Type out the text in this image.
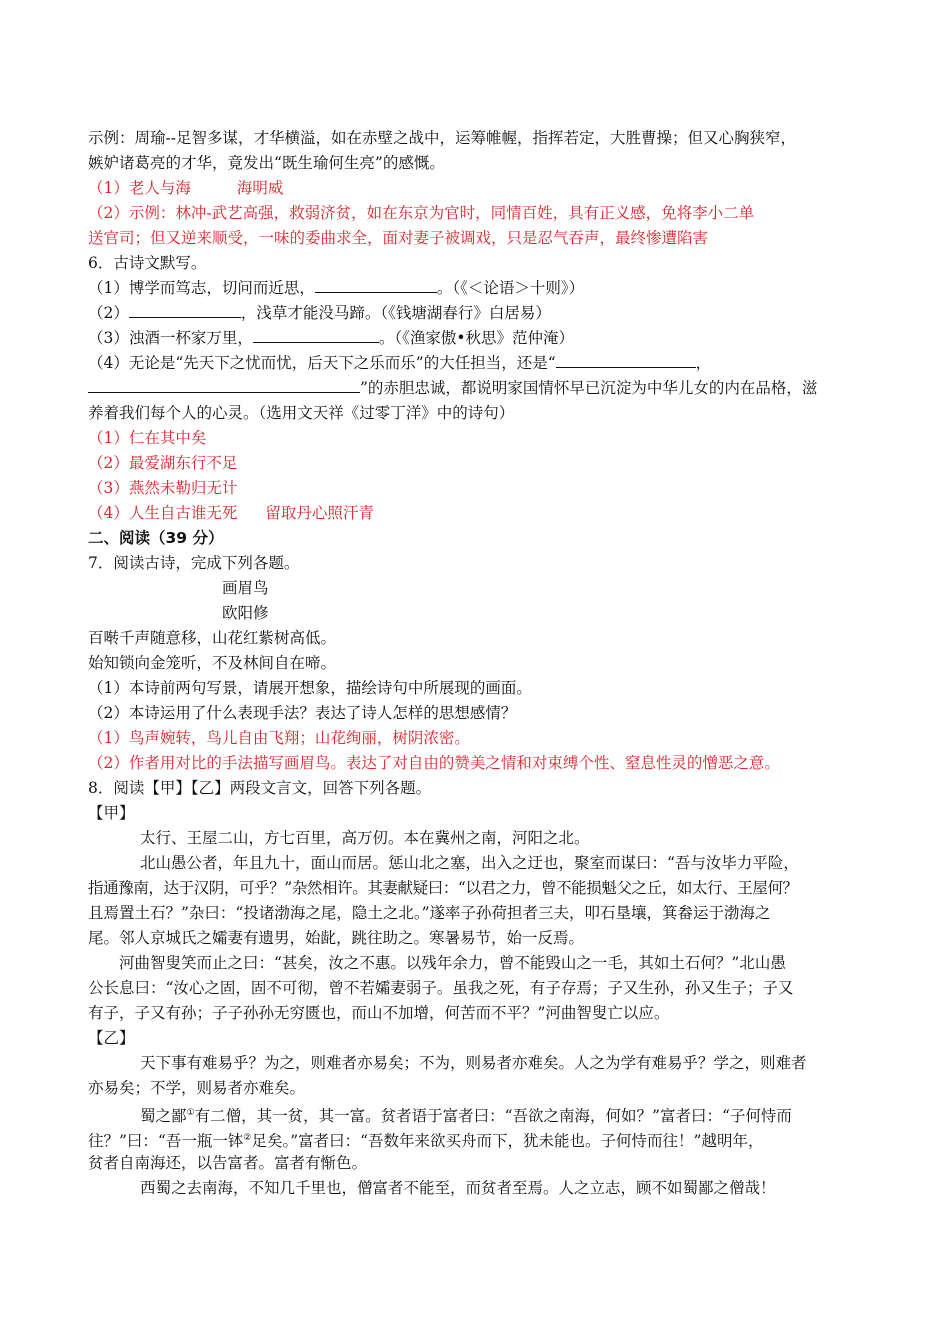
示例：周瑜--足智多谋，才华横溢，如在赤壁之战中，运筹帷幄，指挥若定，大胜曹操；但又心胸狭窄，
嫉妒诸葛亮的才华，竟发出“既生瑜何生亮”的感慨。
（1）老人与海	海明威
（2）示例：林冲-武艺高强，救弱济贫，如在东京为官时，同情百姓，具有正义感，免将李小二单
送官司；但又逆来顺受，一味的委曲求全，面对妻子被调戏，只是忍气吞声，最终惨遭陷害
6．古诗文默写。
（1）博学而笃志，切问而近思，	。（《＜论语＞十则》）
（2）	，浅草才能没马蹄。（《钱塘湖春行》白居易）
（3）浊酒一杯家万里，	。（《渔家傲•秋思》范仲淹）
（4）无论是“先天下之忧而忧，后天下之乐而乐”的大任担当，还是“	，
”的赤胆忠诚，都说明家国情怀早已沉淀为中华儿女的内在品格，滋
养着我们每个人的心灵。（选用文天祥《过零丁洋》中的诗句）
（1）仁在其中矣
（2）最爱湖东行不足
（3）燕然未勒归无计
（4）人生自古谁无死 留取丹心照汗青
二、阅读（39 分）
7．阅读古诗，完成下列各题。
画眉鸟
欧阳修
百啭千声随意移，山花红紫树高低。
始知锁向金笼听，不及林间自在啼。
（1）本诗前两句写景，请展开想象，描绘诗句中所展现的画面。
（2）本诗运用了什么表现手法？表达了诗人怎样的思想感情？
（1）鸟声婉转，鸟儿自由飞翔；山花绚丽，树阴浓密。
（2）作者用对比的手法描写画眉鸟。表达了对自由的赞美之情和对束缚个性、窒息性灵的憎恶之意。
8．阅读【甲】【乙】两段文言文，回答下列各题。
【甲】
太行、王屋二山，方七百里，高万仞。本在冀州之南，河阳之北。
北山愚公者，年且九十，面山而居。惩山北之塞，出入之迂也，聚室而谋曰：“吾与汝毕力平险，
指通豫南，达于汉阴，可乎？”杂然相许。其妻献疑曰：“以君之力，曾不能损魁父之丘，如太行、王屋何？
且焉置土石？”杂曰：“投诸渤海之尾，隐土之北。”遂率子孙荷担者三夫，叩石垦壤，箕畚运于渤海之
尾。邻人京城氏之孀妻有遗男，始龀，跳往助之。寒暑易节，始一反焉。
河曲智叟笑而止之曰：“甚矣，汝之不惠。以残年余力，曾不能毁山之一毛，其如土石何？”北山愚
公长息曰：“汝心之固，固不可彻，曾不若孀妻弱子。虽我之死，有子存焉；子又生孙，孙又生子；子又
有子，子又有孙；子子孙孙无穷匮也，而山不加增，何苦而不平？”河曲智叟亡以应。
【乙】
天下事有难易乎？为之，则难者亦易矣；不为，则易者亦难矣。人之为学有难易乎？学之，则难者
亦易矣；不学，则易者亦难矣。
蜀之鄙①有二僧，其一贫，其一富。贫者语于富者曰：“吾欲之南海，何如？”富者曰：“子何恃而
往？”曰：“吾一瓶一钵②足矣。”富者曰：“吾数年来欲买舟而下，犹未能也。子何恃而往！”越明年，
贫者自南海还，以告富者。富者有惭色。
西蜀之去南海，不知几千里也，僧富者不能至，而贫者至焉。人之立志，顾不如蜀鄙之僧哉！
